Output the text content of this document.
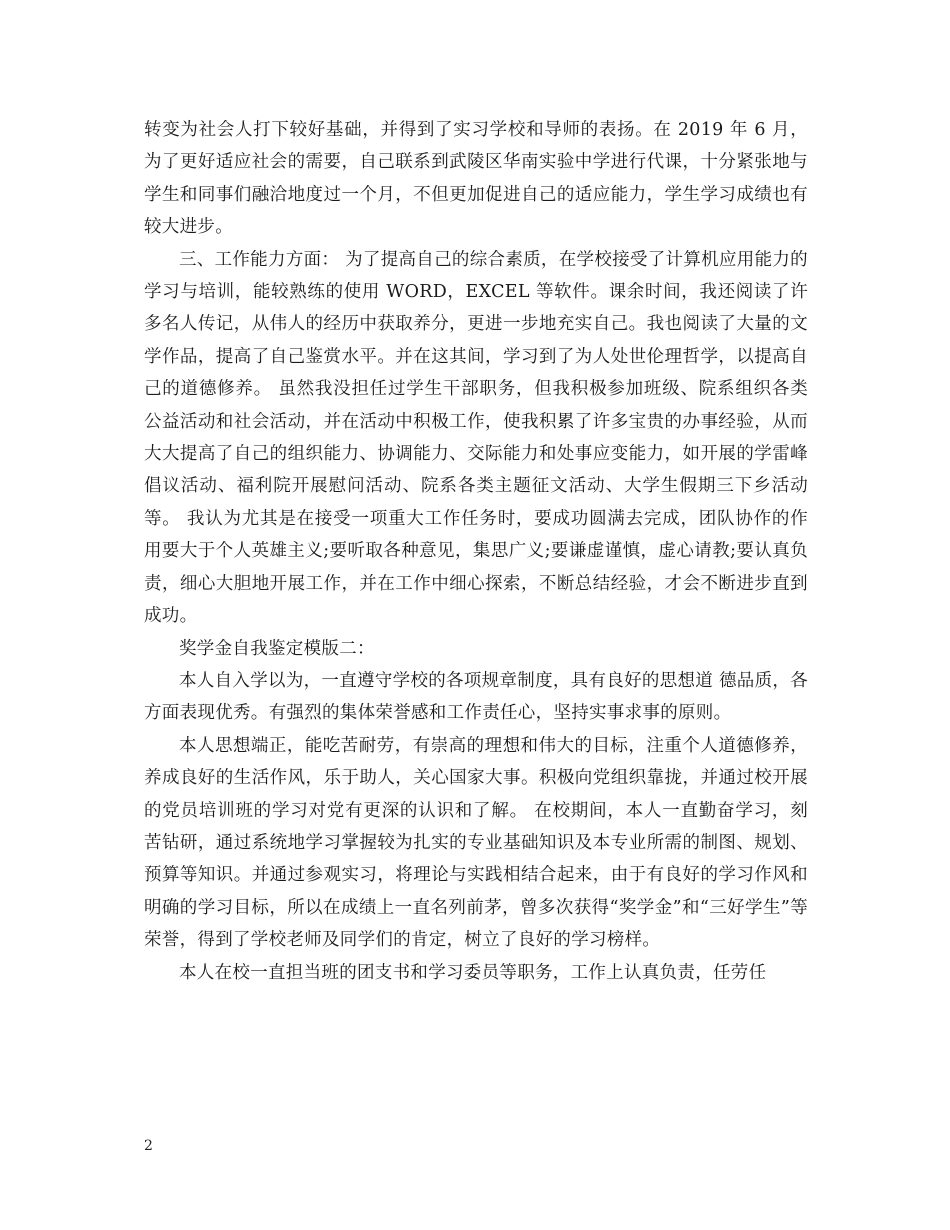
转变为社会人打下较好基础，并得到了实习学校和导师的表扬。在 2019 年 6 月，为了更好适应社会的需要，自己联系到武陵区华南实验中学进行代课，十分紧张地与学生和同事们融洽地度过一个月，不但更加促进自己的适应能力，学生学习成绩也有较大进步。

三、工作能力方面： 为了提高自己的综合素质，在学校接受了计算机应用能力的学习与培训，能较熟练的使用 WORD，EXCEL 等软件。课余时间，我还阅读了许多名人传记，从伟人的经历中获取养分，更进一步地充实自己。我也阅读了大量的文学作品，提高了自己鉴赏水平。并在这其间，学习到了为人处世伦理哲学，以提高自己的道德修养。 虽然我没担任过学生干部职务，但我积极参加班级、院系组织各类公益活动和社会活动，并在活动中积极工作，使我积累了许多宝贵的办事经验，从而大大提高了自己的组织能力、协调能力、交际能力和处事应变能力，如开展的学雷峰倡议活动、福利院开展慰问活动、院系各类主题征文活动、大学生假期三下乡活动等。 我认为尤其是在接受一项重大工作任务时，要成功圆满去完成，团队协作的作用要大于个人英雄主义;要听取各种意见，集思广义;要谦虚谨慎，虚心请教;要认真负责，细心大胆地开展工作，并在工作中细心探索，不断总结经验，才会不断进步直到成功。

奖学金自我鉴定模版二：

本人自入学以为，一直遵守学校的各项规章制度，具有良好的思想道 德品质，各方面表现优秀。有强烈的集体荣誉感和工作责任心，坚持实事求事的原则。

本人思想端正，能吃苦耐劳，有崇高的理想和伟大的目标，注重个人道德修养，养成良好的生活作风，乐于助人，关心国家大事。积极向党组织靠拢，并通过校开展的党员培训班的学习对党有更深的认识和了解。 在校期间，本人一直勤奋学习，刻苦钻研，通过系统地学习掌握较为扎实的专业基础知识及本专业所需的制图、规划、预算等知识。并通过参观实习，将理论与实践相结合起来，由于有良好的学习作风和明确的学习目标，所以在成绩上一直名列前茅，曾多次获得“奖学金”和“三好学生”等荣誉，得到了学校老师及同学们的肯定，树立了良好的学习榜样。

本人在校一直担当班的团支书和学习委员等职务，工作上认真负责，任劳任

2
